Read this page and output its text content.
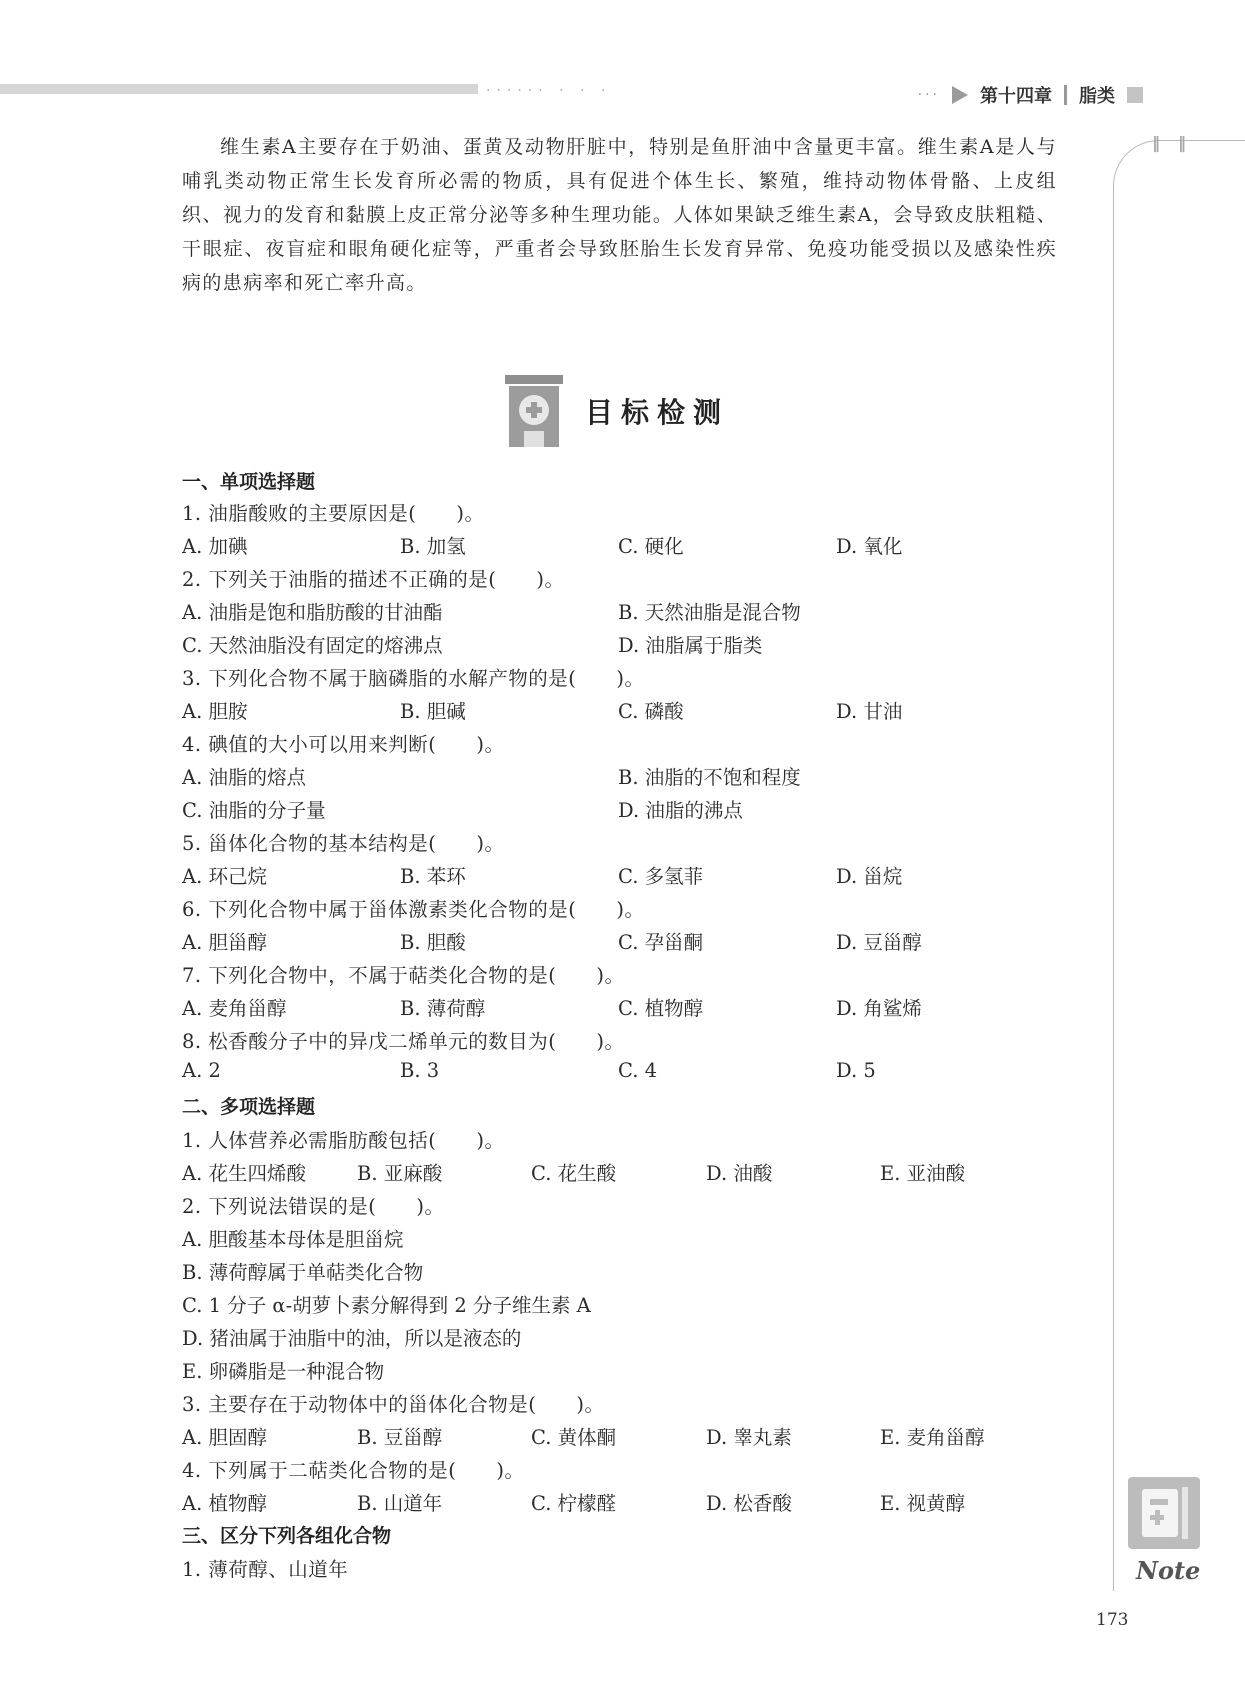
······ · · ·	··· 第十四章 脂类
‖‖

维生素A主要存在于奶油、蛋黄及动物肝脏中，特别是鱼肝油中含量更丰富。维生素A是人与哺乳类动物正常生长发育所必需的物质，具有促进个体生长、繁殖，维持动物体骨骼、上皮组织、视力的发育和黏膜上皮正常分泌等多种生理功能。人体如果缺乏维生素A，会导致皮肤粗糙、干眼症、夜盲症和眼角硬化症等，严重者会导致胚胎生长发育异常、免疫功能受损以及感染性疾病的患病率和死亡率升高。

目标检测
一、单项选择题
1. 油脂酸败的主要原因是(　　)。
A. 加碘	B. 加氢	C. 硬化	D. 氧化
2. 下列关于油脂的描述不正确的是(　　)。
A. 油脂是饱和脂肪酸的甘油酯	B. 天然油脂是混合物
C. 天然油脂没有固定的熔沸点	D. 油脂属于脂类
3. 下列化合物不属于脑磷脂的水解产物的是(　　)。
A. 胆胺	B. 胆碱	C. 磷酸	D. 甘油
4. 碘值的大小可以用来判断(　　)。
A. 油脂的熔点	B. 油脂的不饱和程度
C. 油脂的分子量	D. 油脂的沸点
5. 甾体化合物的基本结构是(　　)。
A. 环己烷	B. 苯环	C. 多氢菲	D. 甾烷
6. 下列化合物中属于甾体激素类化合物的是(　　)。
A. 胆甾醇	B. 胆酸	C. 孕甾酮	D. 豆甾醇
7. 下列化合物中，不属于萜类化合物的是(　　)。
A. 麦角甾醇	B. 薄荷醇	C. 植物醇	D. 角鲨烯
8. 松香酸分子中的异戊二烯单元的数目为(　　)。
A. 2	B. 3	C. 4	D. 5
二、多项选择题
1. 人体营养必需脂肪酸包括(　　)。
A. 花生四烯酸	B. 亚麻酸	C. 花生酸	D. 油酸	E. 亚油酸
2. 下列说法错误的是(　　)。
A. 胆酸基本母体是胆甾烷
B. 薄荷醇属于单萜类化合物
C. 1 分子 α-胡萝卜素分解得到 2 分子维生素 A
D. 猪油属于油脂中的油，所以是液态的
E. 卵磷脂是一种混合物
3. 主要存在于动物体中的甾体化合物是(　　)。
A. 胆固醇	B. 豆甾醇	C. 黄体酮	D. 睾丸素	E. 麦角甾醇
4. 下列属于二萜类化合物的是(　　)。
A. 植物醇	B. 山道年	C. 柠檬醛	D. 松香酸	E. 视黄醇
三、区分下列各组化合物
1. 薄荷醇、山道年	Note
173
